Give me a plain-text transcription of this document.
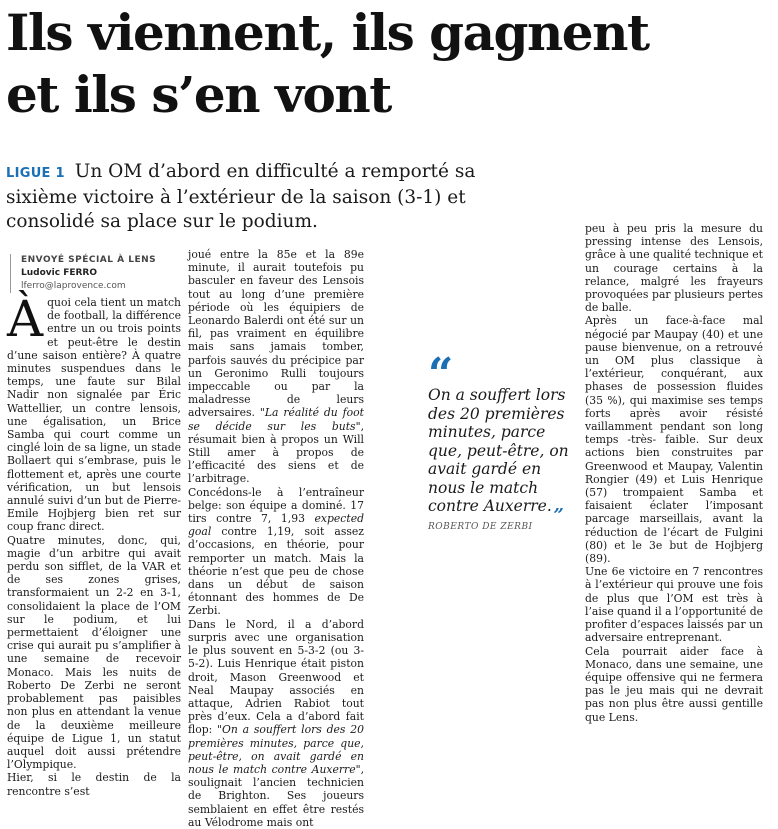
Ils viennent, ils gagnent
et ils s’en vont
LIGUE 1 Un OM d’abord en difficulté a remporté sa sixième victoire à l’extérieur de la saison (3-1) et consolidé sa place sur le podium.
ENVOYÉ SPÉCIAL À LENS
Ludovic FERRO
lferro@laprovence.com

Àquoi cela tient un match de football, la différence entre un ou trois points et peut-être le destin d’une saison entière? À quatre minutes suspendues dans le temps, une faute sur Bilal Nadir non signalée par Éric Wattellier, un contre lensois, une égalisation, un Brice Samba qui court comme un cinglé loin de sa ligne, un stade Bollaert qui s’embrase, puis le flottement et, après une courte vérification, un but lensois annulé suivi d’un but de Pierre-Emile Hojbjerg bien ret sur coup franc direct.

Quatre minutes, donc, qui, magie d’un arbitre qui avait perdu son sifflet, de la VAR et de ses zones grises, transformaient un 2-2 en 3-1, consolidaient la place de l’OM sur le podium, et lui permettaient d’éloigner une crise qui aurait pu s’amplifier à une semaine de recevoir Monaco. Mais les nuits de Roberto De Zerbi ne seront probablement pas paisibles non plus en attendant la venue de la deuxième meilleure équipe de Ligue 1, un statut auquel doit aussi prétendre l’Olympique.

Hier, si le destin de la rencontre s’est

joué entre la 85e et la 89e minute, il aurait toutefois pu basculer en faveur des Lensois tout au long d’une première période où les équipiers de Leonardo Balerdi ont été sur un fil, pas vraiment en équilibre mais sans jamais tomber, parfois sauvés du précipice par un Geronimo Rulli toujours impeccable ou par la maladresse de leurs adversaires. "La réalité du foot se décide sur les buts", résumait bien à propos un Will Still amer à propos de l’efficacité des siens et de l’arbitrage.

Concédons-le à l’entraîneur belge: son équipe a dominé. 17 tirs contre 7, 1,93 expected goal contre 1,19, soit assez d’occasions, en théorie, pour remporter un match. Mais la théorie n’est que peu de chose dans un début de saison étonnant des hommes de De Zerbi.

Dans le Nord, il a d’abord surpris avec une organisation le plus souvent en 5-3-2 (ou 3-5-2). Luis Henrique était piston droit, Mason Greenwood et Neal Maupay associés en attaque, Adrien Rabiot tout près d’eux. Cela a d’abord fait flop: "On a souffert lors des 20 premières minutes, parce que, peut-être, on avait gardé en nous le match contre Auxerre", soulignait l’ancien technicien de Brighton. Ses joueurs semblaient en effet être restés au Vélodrome mais ont

“
On a souffert lors des 20 premières minutes, parce que, peut-être, on avait gardé en nous le match contre Auxerre. „
ROBERTO DE ZERBI

peu à peu pris la mesure du pressing intense des Lensois, grâce à une qualité technique et un courage certains à la relance, malgré les frayeurs provoquées par plusieurs pertes de balle.

Après un face-à-face mal négocié par Maupay (40) et une pause bienvenue, on a retrouvé un OM plus classique à l’extérieur, conquérant, aux phases de possession fluides (35 %), qui maximise ses temps forts après avoir résisté vaillamment pendant son long temps -très- faible. Sur deux actions bien construites par Greenwood et Maupay, Valentin Rongier (49) et Luis Henrique (57) trompaient Samba et faisaient éclater l’imposant parcage marseillais, avant la réduction de l’écart de Fulgini (80) et le 3e but de Hojbjerg (89).

Une 6e victoire en 7 rencontres à l’extérieur qui prouve une fois de plus que l’OM est très à l’aise quand il a l’opportunité de profiter d’espaces laissés par un adversaire entreprenant.

Cela pourrait aider face à Monaco, dans une semaine, une équipe offensive qui ne fermera pas le jeu mais qui ne devrait pas non plus être aussi gentille que Lens.
